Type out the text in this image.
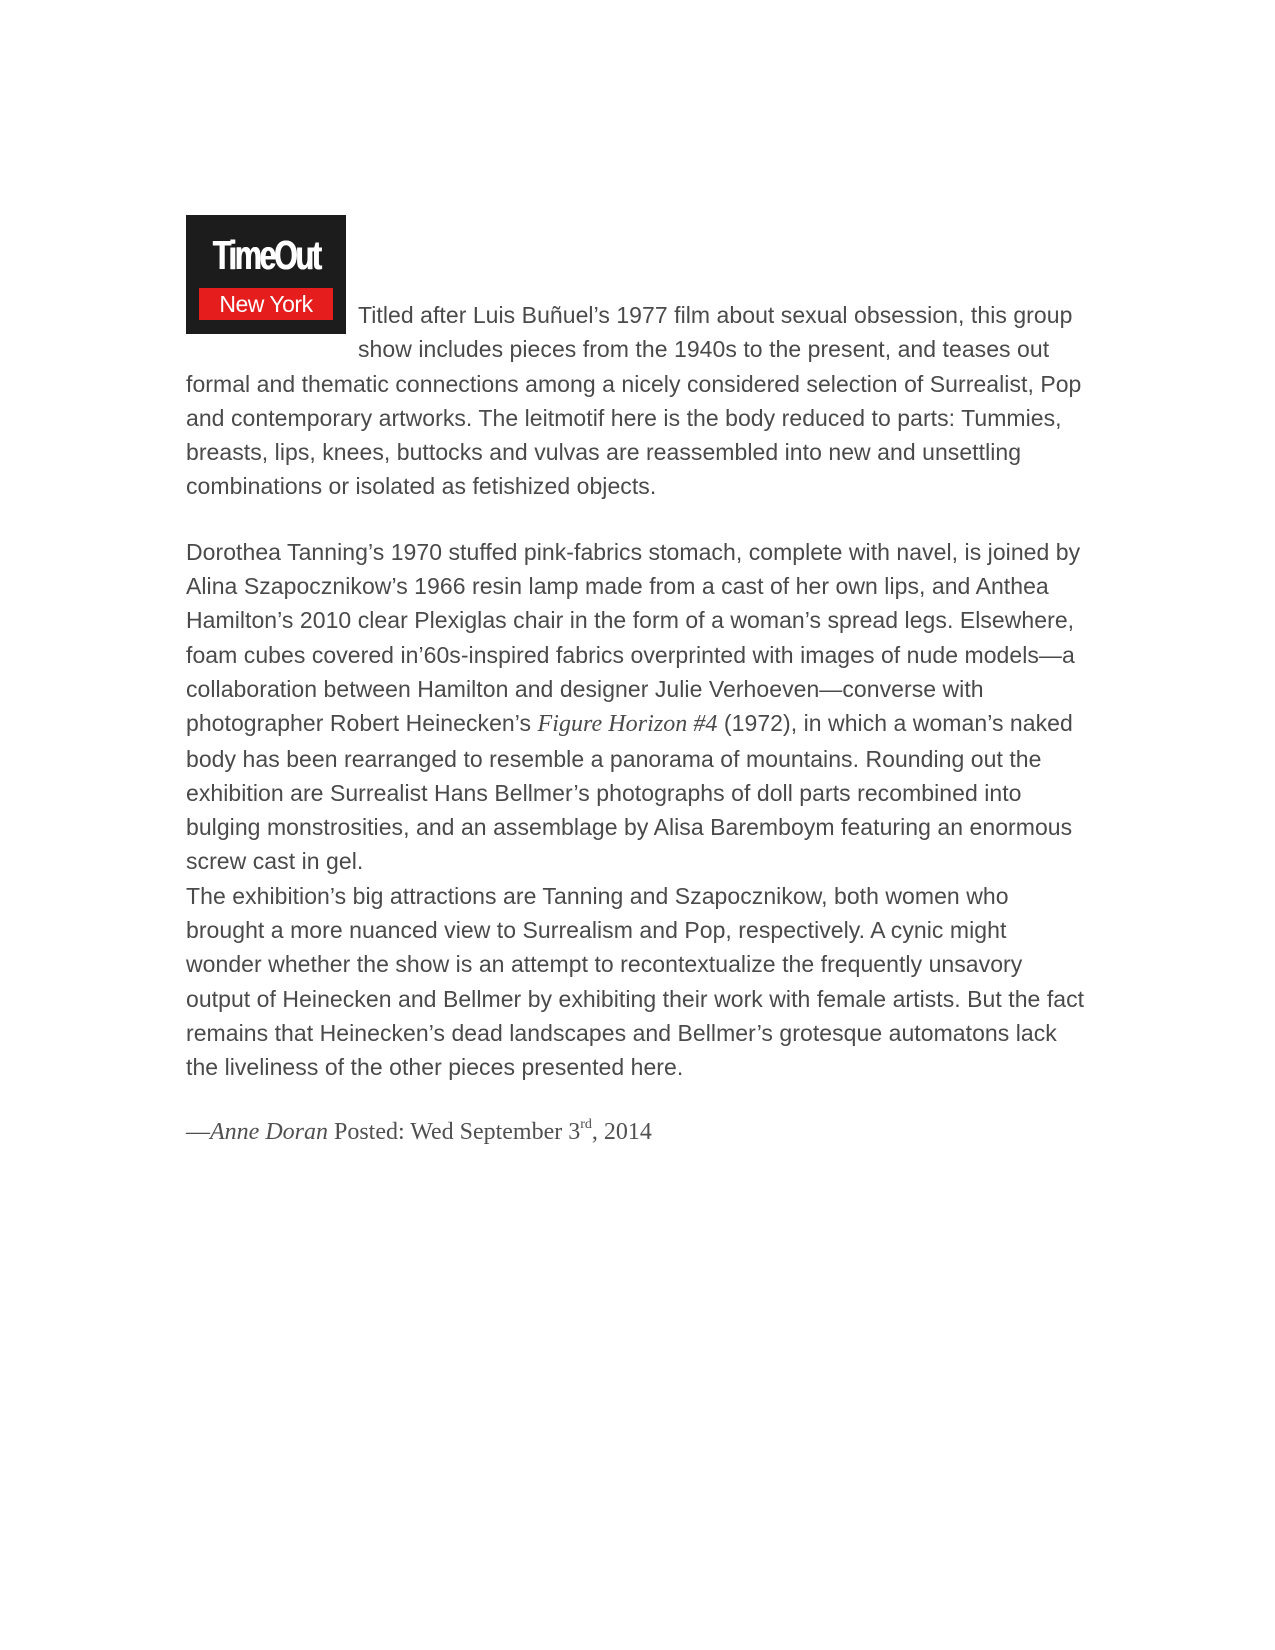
TimeOut
New York	Titled after Luis Buñuel’s 1977 film about sexual obsession, this group show includes pieces from the 1940s to the present, and teases out formal and thematic connections among a nicely considered selection of Surrealist, Pop and contemporary artworks. The leitmotif here is the body reduced to parts: Tummies, breasts, lips, knees, buttocks and vulvas are reassembled into new and unsettling combinations or isolated as fetishized objects.

Dorothea Tanning’s 1970 stuffed pink-fabrics stomach, complete with navel, is joined by Alina Szapocznikow’s 1966 resin lamp made from a cast of her own lips, and Anthea Hamilton’s 2010 clear Plexiglas chair in the form of a woman’s spread legs. Elsewhere, foam cubes covered in’60s-inspired fabrics overprinted with images of nude models—a collaboration between Hamilton and designer Julie Verhoeven—converse with photographer Robert Heinecken’s Figure Horizon #4 (1972), in which a woman’s naked body has been rearranged to resemble a panorama of mountains. Rounding out the exhibition are Surrealist Hans Bellmer’s photographs of doll parts recombined into bulging monstrosities, and an assemblage by Alisa Baremboym featuring an enormous screw cast in gel.

The exhibition’s big attractions are Tanning and Szapocznikow, both women who brought a more nuanced view to Surrealism and Pop, respectively. A cynic might wonder whether the show is an attempt to recontextualize the frequently unsavory output of Heinecken and Bellmer by exhibiting their work with female artists. But the fact remains that Heinecken’s dead landscapes and Bellmer’s grotesque automatons lack the liveliness of the other pieces presented here.

—Anne Doran Posted: Wed September 3rd, 2014
